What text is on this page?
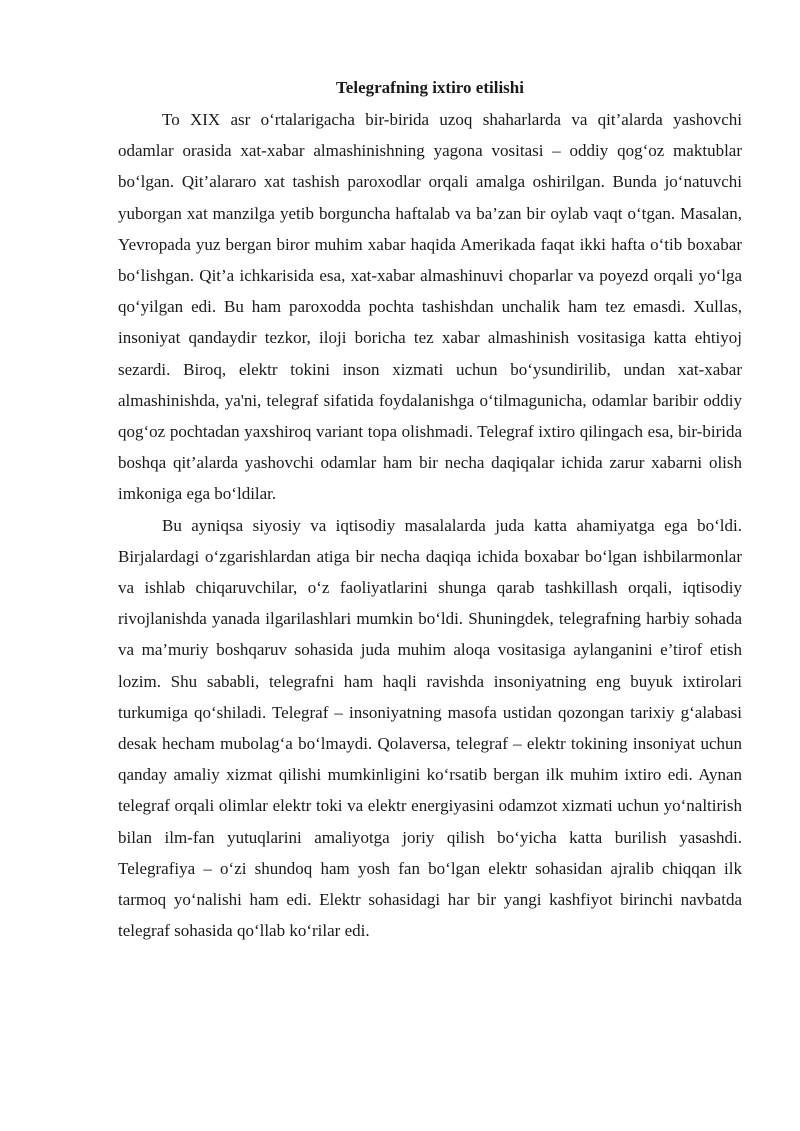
Telegrafning ixtiro etilishi

To XIX asr o‘rtalarigacha bir-birida uzoq shaharlarda va qit’alarda yashovchi odamlar orasida xat-xabar almashinishning yagona vositasi – oddiy qog‘oz maktublar bo‘lgan. Qit’alararo xat tashish paroxodlar orqali amalga oshirilgan. Bunda jo‘natuvchi yuborgan xat manzilga yetib borguncha haftalab va ba’zan bir oylab vaqt o‘tgan. Masalan, Yevropada yuz bergan biror muhim xabar haqida Amerikada faqat ikki hafta o‘tib boxabar bo‘lishgan. Qit’a ichkarisida esa, xat-xabar almashinuvi choparlar va poyezd orqali yo‘lga qo‘yilgan edi. Bu ham paroxodda pochta tashishdan unchalik ham tez emasdi. Xullas, insoniyat qandaydir tezkor, iloji boricha tez xabar almashinish vositasiga katta ehtiyoj sezardi. Biroq, elektr tokini inson xizmati uchun bo‘ysundirilib, undan xat-xabar almashinishda, ya'ni, telegraf sifatida foydalanishga o‘tilmagunicha, odamlar baribir oddiy qog‘oz pochtadan yaxshiroq variant topa olishmadi. Telegraf ixtiro qilingach esa, bir-birida boshqa qit’alarda yashovchi odamlar ham bir necha daqiqalar ichida zarur xabarni olish imkoniga ega bo‘ldilar.

Bu ayniqsa siyosiy va iqtisodiy masalalarda juda katta ahamiyatga ega bo‘ldi. Birjalardagi o‘zgarishlardan atiga bir necha daqiqa ichida boxabar bo‘lgan ishbilarmonlar va ishlab chiqaruvchilar, o‘z faoliyatlarini shunga qarab tashkillash orqali, iqtisodiy rivojlanishda yanada ilgarilashlari mumkin bo‘ldi. Shuningdek, telegrafning harbiy sohada va ma’muriy boshqaruv sohasida juda muhim aloqa vositasiga aylanganini e’tirof etish lozim. Shu sababli, telegrafni ham haqli ravishda insoniyatning eng buyuk ixtirolari turkumiga qo‘shiladi. Telegraf – insoniyatning masofa ustidan qozongan tarixiy g‘alabasi desak hecham mubolag‘a bo‘lmaydi. Qolaversa, telegraf – elektr tokining insoniyat uchun qanday amaliy xizmat qilishi mumkinligini ko‘rsatib bergan ilk muhim ixtiro edi. Aynan telegraf orqali olimlar elektr toki va elektr energiyasini odamzot xizmati uchun yo‘naltirish bilan ilm-fan yutuqlarini amaliyotga joriy qilish bo‘yicha katta burilish yasashdi. Telegrafiya – o‘zi shundoq ham yosh fan bo‘lgan elektr sohasidan ajralib chiqqan ilk tarmoq yo‘nalishi ham edi. Elektr sohasidagi har bir yangi kashfiyot birinchi navbatda telegraf sohasida qo‘llab ko‘rilar edi.
